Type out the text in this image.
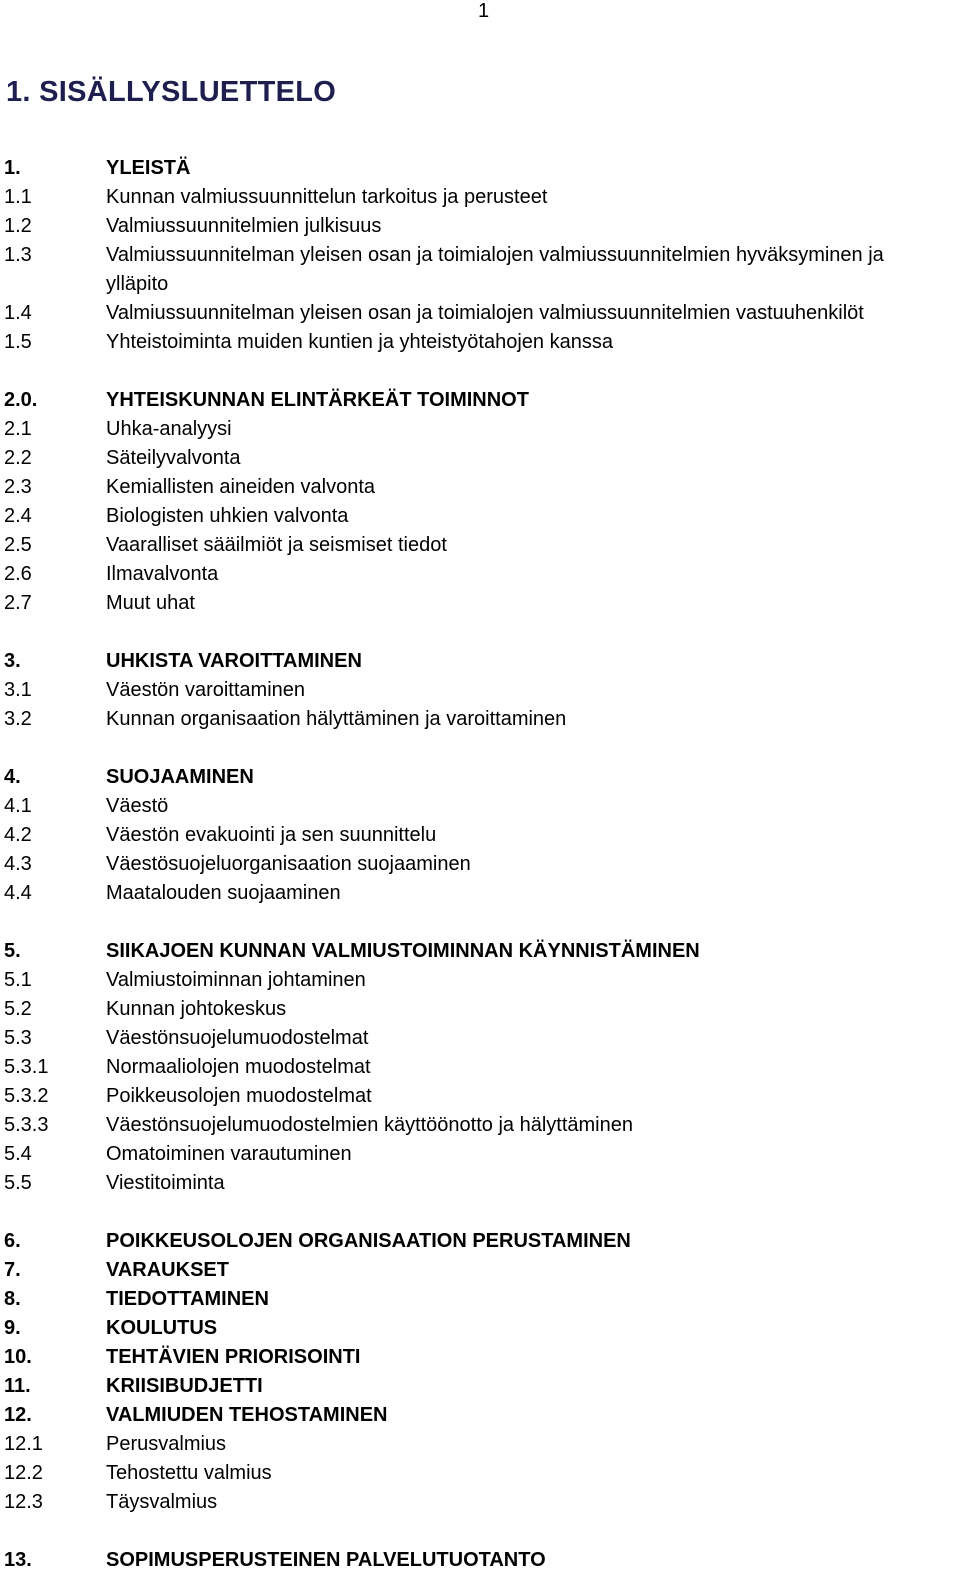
1
1. SISÄLLYSLUETTELO
1.	YLEISTÄ
1.1	Kunnan valmiussuunnittelun tarkoitus ja perusteet
1.2	Valmiussuunnitelmien julkisuus
1.3	Valmiussuunnitelman yleisen osan ja toimialojen valmiussuunnitelmien hyväksyminen ja
ylläpito
1.4	Valmiussuunnitelman yleisen osan ja toimialojen valmiussuunnitelmien vastuuhenkilöt
1.5	Yhteistoiminta muiden kuntien ja yhteistyötahojen kanssa
2.0.	YHTEISKUNNAN ELINTÄRKEÄT TOIMINNOT
2.1	Uhka-analyysi
2.2	Säteilyvalvonta
2.3	Kemiallisten aineiden valvonta
2.4	Biologisten uhkien valvonta
2.5	Vaaralliset sääilmiöt ja seismiset tiedot
2.6	Ilmavalvonta
2.7	Muut uhat
3.	UHKISTA VAROITTAMINEN
3.1	Väestön varoittaminen
3.2	Kunnan organisaation hälyttäminen ja varoittaminen
4.	SUOJAAMINEN
4.1	Väestö
4.2	Väestön evakuointi ja sen suunnittelu
4.3	Väestösuojeluorganisaation suojaaminen
4.4	Maatalouden suojaaminen
5.	SIIKAJOEN KUNNAN VALMIUSTOIMINNAN KÄYNNISTÄMINEN
5.1	Valmiustoiminnan johtaminen
5.2	Kunnan johtokeskus
5.3	Väestönsuojelumuodostelmat
5.3.1	Normaaliolojen muodostelmat
5.3.2	Poikkeusolojen muodostelmat
5.3.3	Väestönsuojelumuodostelmien käyttöönotto ja hälyttäminen
5.4	Omatoiminen varautuminen
5.5	Viestitoiminta
6.	POIKKEUSOLOJEN ORGANISAATION PERUSTAMINEN
7.	VARAUKSET
8.	TIEDOTTAMINEN
9.	KOULUTUS
10.	TEHTÄVIEN PRIORISOINTI
11.	KRIISIBUDJETTI
12.	VALMIUDEN TEHOSTAMINEN
12.1	Perusvalmius
12.2	Tehostettu valmius
12.3	Täysvalmius
13.	SOPIMUSPERUSTEINEN PALVELUTUOTANTO
